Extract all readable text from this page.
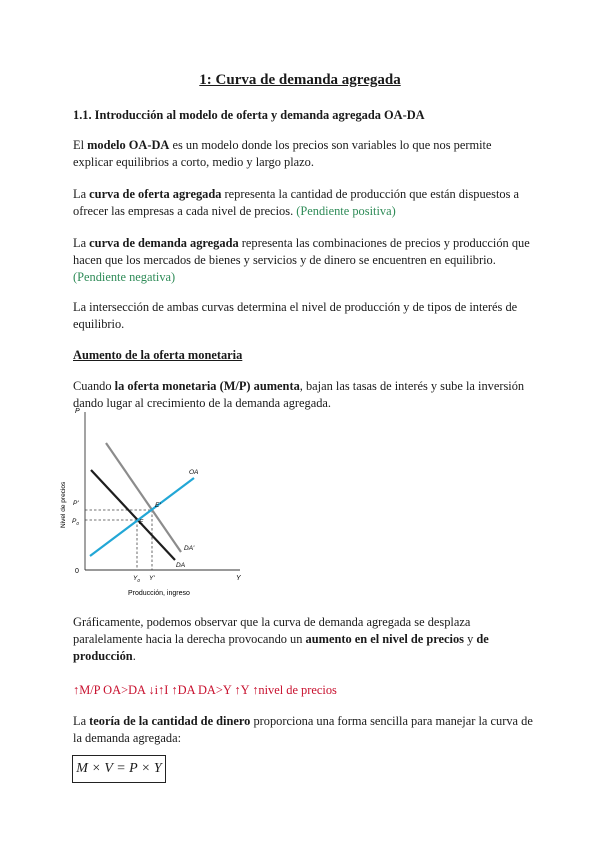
1: Curva de demanda agregada
1.1. Introducción al modelo de oferta y demanda agregada OA-DA
El modelo OA-DA es un modelo donde los precios son variables lo que nos permite explicar equilibrios a corto, medio y largo plazo.
La curva de oferta agregada representa la cantidad de producción que están dispuestos a ofrecer las empresas a cada nivel de precios. (Pendiente positiva)
La curva de demanda agregada representa las combinaciones de precios y producción que hacen que los mercados de bienes y servicios y de dinero se encuentren en equilibrio. (Pendiente negativa)
La intersección de ambas curvas determina el nivel de producción y de tipos de interés de equilibrio.
Aumento de la oferta monetaria
Cuando la oferta monetaria (M/P) aumenta, bajan las tasas de interés y sube la inversión dando lugar al crecimiento de la demanda agregada.
P
Y
0
Nivel de precios
Producción, ingreso
OA
DA
DA'
E'
E
P'
$P_0$
$Y_0$ Y'
Gráficamente, podemos observar que la curva de demanda agregada se desplaza paralelamente hacia la derecha provocando un aumento en el nivel de precios y de producción.
↑M/P OA>DA ↓i↑I ↑DA DA>Y ↑Y ↑nivel de precios
La teoría de la cantidad de dinero proporciona una forma sencilla para manejar la curva de la demanda agregada:
M × V = P × Y
